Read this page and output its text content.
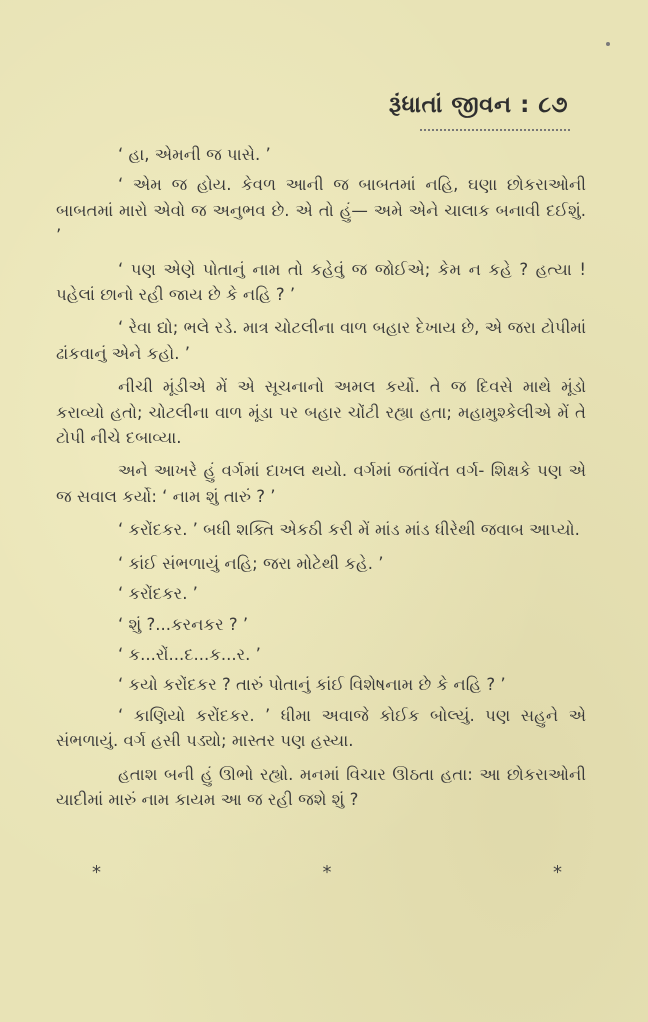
રૂંધાતાં જીવન : ૮૭

‘ હા, એમની જ પાસે. ’

‘ એમ જ હોય. કેવળ આની જ બાબતમાં નહિ, ઘણા છોકરાઓની બાબતમાં મારો એવો જ અનુભવ છે. એ તો હું— અમે એને ચાલાક બનાવી દઈશું. ’

‘ પણ એણે પોતાનું નામ તો કહેવું જ જોઈએ; કેમ ન કહે ? હત્યા ! પહેલાં છાનો રહી જાય છે કે નહિ ? ’

‘ રેવા દ્યો; ભલે રડે. માત્ર ચોટલીના વાળ બહાર દેખાય છે, એ જરા ટોપીમાં ઢાંકવાનું એને કહો. ’

નીચી મૂંડીએ મેં એ સૂચનાનો અમલ કર્યો. તે જ દિવસે માથે મૂંડો કરાવ્યો હતો; ચોટલીના વાળ મૂંડા પર બહાર ચોંટી રહ્યા હતા; મહામુશ્કેલીએ મેં તે ટોપી નીચે દબાવ્યા.

અને આખરે હું વર્ગમાં દાખલ થયો. વર્ગમાં જતાંવેંત વર્ગ- શિક્ષકે પણ એ જ સવાલ કર્યો: ‘ નામ શું તારું ? ’

‘ કરોંદકર. ’ બધી શક્તિ એકઠી કરી મેં માંડ માંડ ધીરેથી જવાબ આપ્યો.

‘ કાંઈ સંભળાયું નહિ; જરા મોટેથી કહે. ’

‘ કરોંદકર. ’

‘ શું ?...કરનકર ? ’

‘ ક...રોં...દ...ક...ર. ’

‘ કયો કરોંદકર ? તારું પોતાનું કાંઈ વિશેષનામ છે કે નહિ ? ’

‘ કાણિયો કરોંદકર. ’ ધીમા અવાજે કોઈક બોલ્યું. પણ સહુને એ સંભળાયું. વર્ગ હસી પડ્યો; માસ્તર પણ હસ્યા.

હતાશ બની હું ઊભો રહ્યો. મનમાં વિચાર ઊઠતા હતા: આ છોકરાઓની યાદીમાં મારું નામ કાયમ આ જ રહી જશે શું ?

*	*	*
